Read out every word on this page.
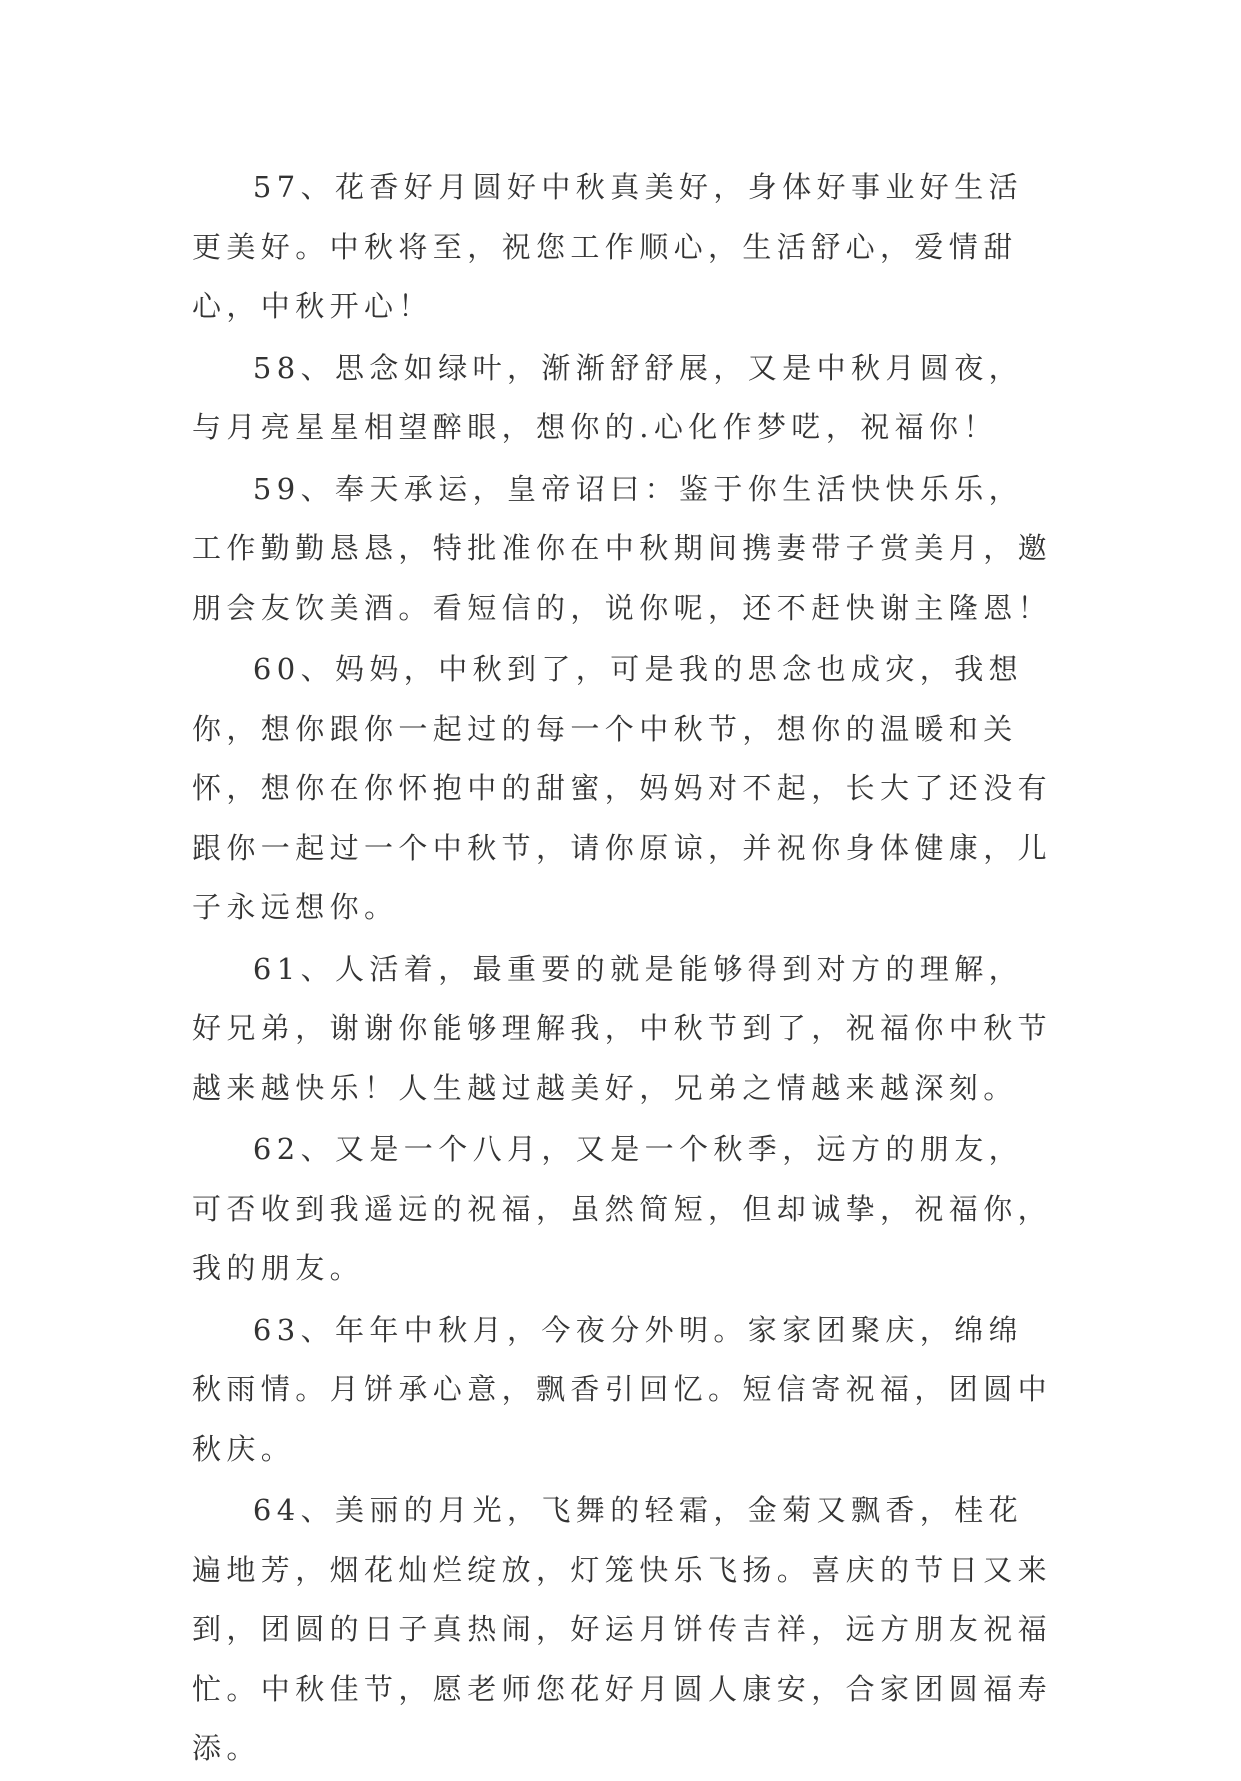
57、花香好月圆好中秋真美好，身体好事业好生活更美好。中秋将至，祝您工作顺心，生活舒心，爱情甜心，中秋开心！

58、思念如绿叶，渐渐舒舒展，又是中秋月圆夜，与月亮星星相望醉眼，想你的.心化作梦呓，祝福你！

59、奉天承运，皇帝诏曰：鉴于你生活快快乐乐，工作勤勤恳恳，特批准你在中秋期间携妻带子赏美月，邀朋会友饮美酒。看短信的，说你呢，还不赶快谢主隆恩！

60、妈妈，中秋到了，可是我的思念也成灾，我想你，想你跟你一起过的每一个中秋节，想你的温暖和关怀，想你在你怀抱中的甜蜜，妈妈对不起，长大了还没有跟你一起过一个中秋节，请你原谅，并祝你身体健康，儿子永远想你。

61、人活着，最重要的就是能够得到对方的理解，好兄弟，谢谢你能够理解我，中秋节到了，祝福你中秋节越来越快乐！人生越过越美好，兄弟之情越来越深刻。

62、又是一个八月，又是一个秋季，远方的朋友，可否收到我遥远的祝福，虽然简短，但却诚挚，祝福你，我的朋友。

63、年年中秋月，今夜分外明。家家团聚庆，绵绵秋雨情。月饼承心意，飘香引回忆。短信寄祝福，团圆中秋庆。

64、美丽的月光，飞舞的轻霜，金菊又飘香，桂花遍地芳，烟花灿烂绽放，灯笼快乐飞扬。喜庆的节日又来到，团圆的日子真热闹，好运月饼传吉祥，远方朋友祝福忙。中秋佳节，愿老师您花好月圆人康安，合家团圆福寿添。
